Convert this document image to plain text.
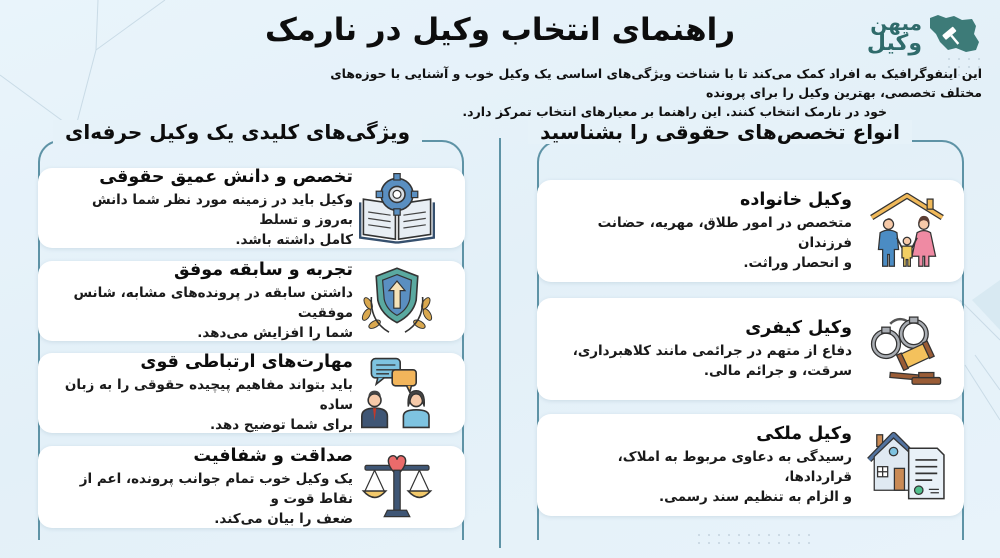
میهن
وکیل
راهنمای انتخاب وکیل در نارمک

این اینفوگرافیک به افراد کمک می‌کند تا با شناخت ویژگی‌های اساسی یک وکیل خوب و آشنایی با حوزه‌های مختلف تخصصی، بهترین وکیل را برای پرونده

خود در نارمک انتخاب کنند. این راهنما بر معیارهای انتخاب تمرکز دارد.

انواع تخصص‌های حقوقی را بشناسید
وکیل خانواده

متخصص در امور طلاق، مهریه، حضانت فرزندان

و انحصار وراثت.

وکیل کیفری

دفاع از متهم در جرائمی مانند کلاهبرداری،

سرقت، و جرائم مالی.

وکیل ملکی

رسیدگی به دعاوی مربوط به املاک، قراردادها،

و الزام به تنظیم سند رسمی.

ویژگی‌های کلیدی یک وکیل حرفه‌ای
تخصص و دانش عمیق حقوقی

وکیل باید در زمینه مورد نظر شما دانش به‌روز و تسلط

کامل داشته باشد.

تجربه و سابقه موفق

داشتن سابقه در پرونده‌های مشابه، شانس موفقیت

شما را افزایش می‌دهد.

مهارت‌های ارتباطی قوی

باید بتواند مفاهیم پیچیده حقوقی را به زبان ساده

برای شما توضیح دهد.

صداقت و شفافیت

یک وکیل خوب تمام جوانب پرونده، اعم از نقاط قوت و

ضعف را بیان می‌کند.
